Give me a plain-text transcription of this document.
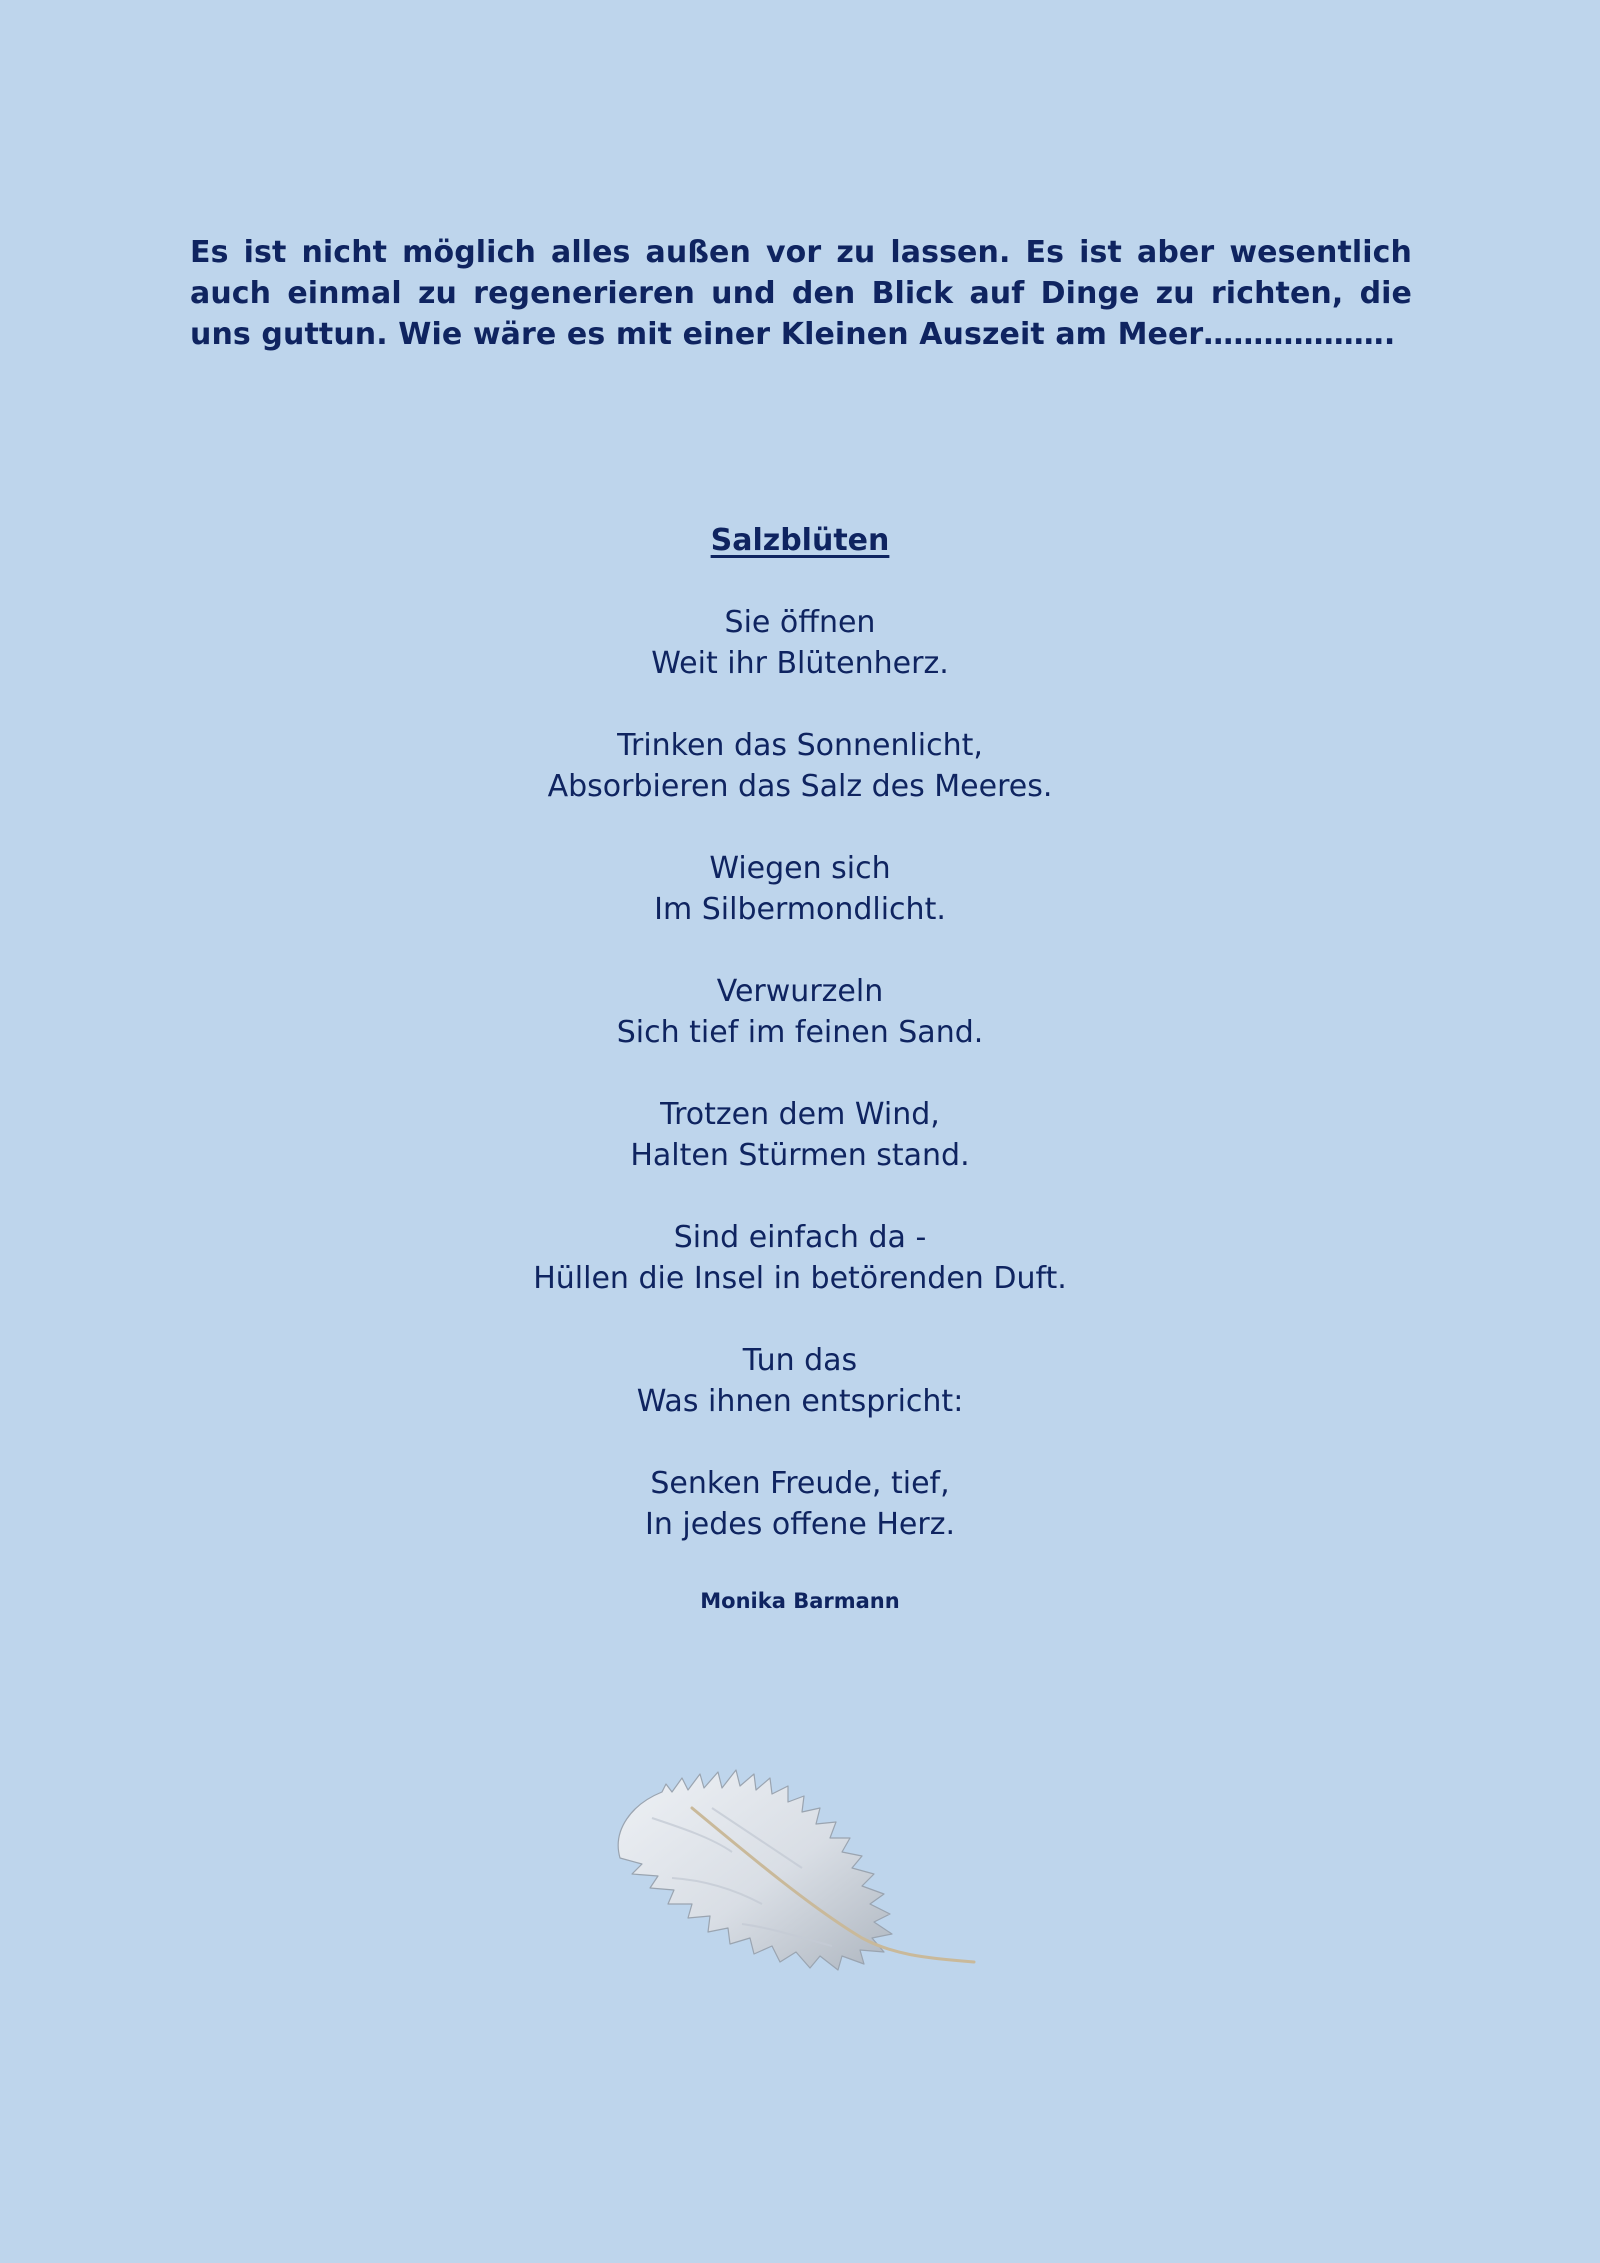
Es ist nicht möglich alles außen vor zu lassen. Es ist aber wesentlich auch einmal zu regenerieren und den Blick auf Dinge zu richten, die uns guttun. Wie wäre es mit einer Kleinen Auszeit am Meer……………….

Salzblüten
Sie öffnen
Weit ihr Blütenherz.
Trinken das Sonnenlicht,
Absorbieren das Salz des Meeres.
Wiegen sich
Im Silbermondlicht.
Verwurzeln
Sich tief im feinen Sand.
Trotzen dem Wind,
Halten Stürmen stand.
Sind einfach da -
Hüllen die Insel in betörenden Duft.
Tun das
Was ihnen entspricht:
Senken Freude, tief,
In jedes offene Herz.
Monika Barmann
